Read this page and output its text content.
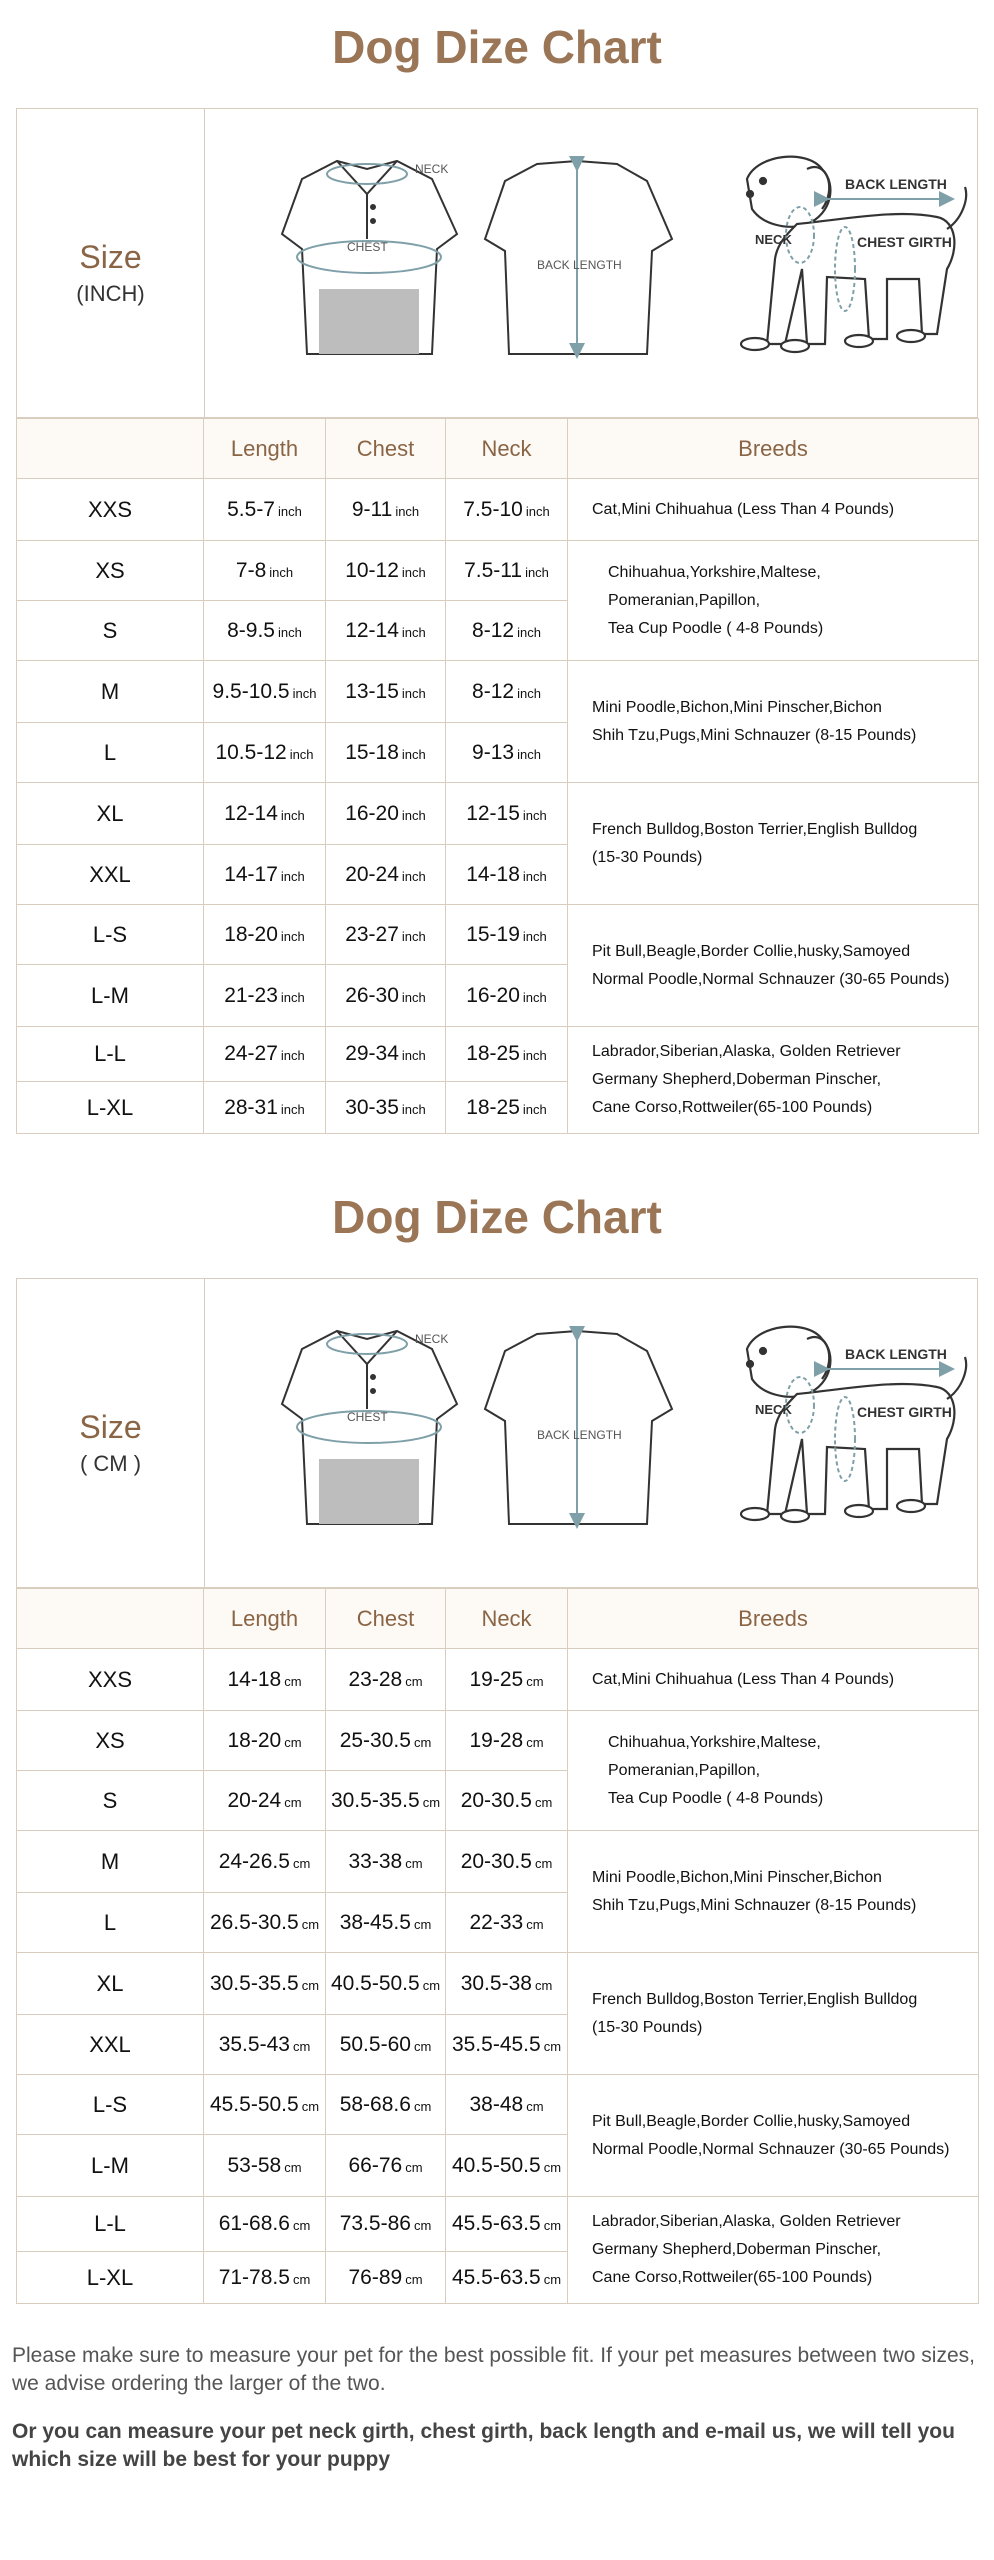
Dog Dize Chart
Size
(INCH)
NECK
CHEST
BACK LENGTH
BACK LENGTH
NECK	CHEST GIRTH
	Length	Chest	Neck	Breeds
XXS	5.5-7 inch	9-11 inch	7.5-10 inch	Cat,Mini Chihuahua (Less Than 4 Pounds)

XS	7-8 inch	10-12 inch	7.5-11 inch	Chihuahua,Yorkshire,Maltese,
Pomeranian,Papillon,
Tea Cup Poodle ( 4-8 Pounds)

S	8-9.5 inch	12-14 inch	8-12 inch	
M	9.5-10.5 inch	13-15 inch	8-12 inch	Mini Poodle,Bichon,Mini Pinscher,Bichon
Shih Tzu,Pugs,Mini Schnauzer (8-15 Pounds)

L	10.5-12 inch	15-18 inch	9-13 inch	
XL	12-14 inch	16-20 inch	12-15 inch	French Bulldog,Boston Terrier,English Bulldog
(15-30 Pounds)

XXL	14-17 inch	20-24 inch	14-18 inch	
L-S	18-20 inch	23-27 inch	15-19 inch	Pit Bull,Beagle,Border Collie,husky,Samoyed
Normal Poodle,Normal Schnauzer (30-65 Pounds)

L-M	21-23 inch	26-30 inch	16-20 inch	
L-L	24-27 inch	29-34 inch	18-25 inch	Labrador,Siberian,Alaska, Golden Retriever
Germany Shepherd,Doberman Pinscher,
Cane Corso,Rottweiler(65-100 Pounds)

L-XL	28-31 inch	30-35 inch	18-25 inch	
Dog Dize Chart
Size
( CM )
NECK
CHEST
BACK LENGTH
BACK LENGTH
NECK	CHEST GIRTH
	Length	Chest	Neck	Breeds
XXS	14-18 cm	23-28 cm	19-25 cm	Cat,Mini Chihuahua (Less Than 4 Pounds)

XS	18-20 cm	25-30.5 cm	19-28 cm	Chihuahua,Yorkshire,Maltese,
Pomeranian,Papillon,
Tea Cup Poodle ( 4-8 Pounds)

S	20-24 cm	30.5-35.5 cm	20-30.5 cm	
M	24-26.5 cm	33-38 cm	20-30.5 cm	Mini Poodle,Bichon,Mini Pinscher,Bichon
Shih Tzu,Pugs,Mini Schnauzer (8-15 Pounds)

L	26.5-30.5 cm	38-45.5 cm	22-33 cm	
XL	30.5-35.5 cm	40.5-50.5 cm	30.5-38 cm	French Bulldog,Boston Terrier,English Bulldog
(15-30 Pounds)

XXL	35.5-43 cm	50.5-60 cm	35.5-45.5 cm	
L-S	45.5-50.5 cm	58-68.6 cm	38-48 cm	Pit Bull,Beagle,Border Collie,husky,Samoyed
Normal Poodle,Normal Schnauzer (30-65 Pounds)

L-M	53-58 cm	66-76 cm	40.5-50.5 cm	
L-L	61-68.6 cm	73.5-86 cm	45.5-63.5 cm	Labrador,Siberian,Alaska, Golden Retriever
Germany Shepherd,Doberman Pinscher,
Cane Corso,Rottweiler(65-100 Pounds)

L-XL	71-78.5 cm	76-89 cm	45.5-63.5 cm	
Please make sure to measure your pet for the best possible fit. If your pet measures between two sizes, we advise ordering the larger of the two.
Or you can measure your pet neck girth, chest girth, back length and e-mail us, we will tell you which size will be best for your puppy
